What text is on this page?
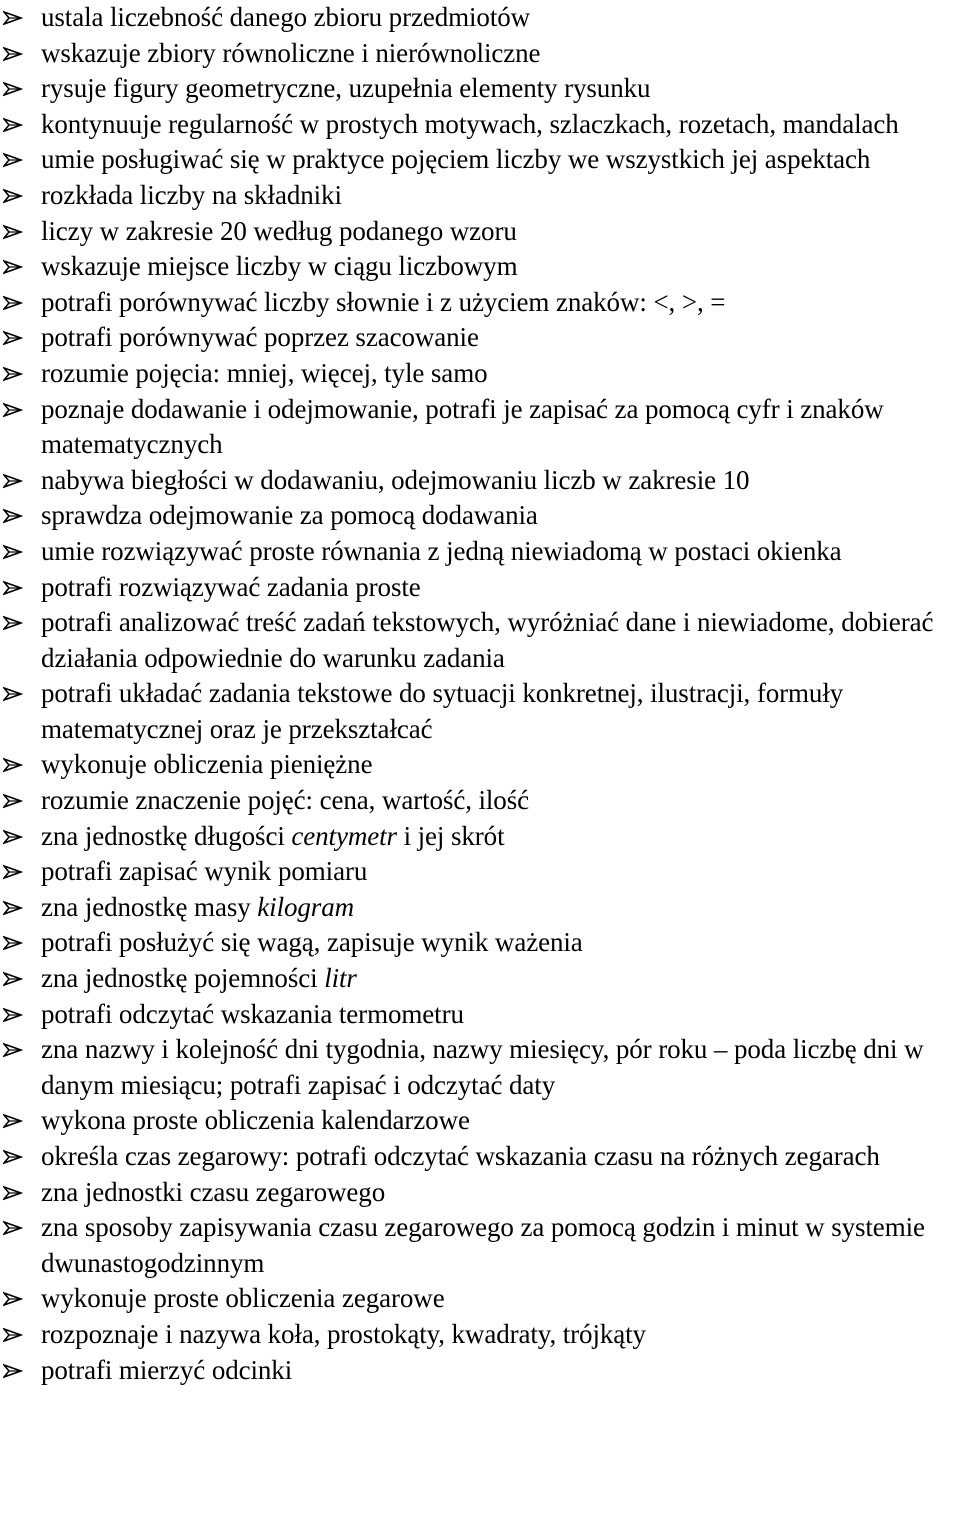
ustala liczebność danego zbioru przedmiotów
wskazuje zbiory równoliczne i nierównoliczne
rysuje figury geometryczne, uzupełnia elementy rysunku
kontynuuje regularność w prostych motywach, szlaczkach, rozetach, mandalach
umie posługiwać się w praktyce pojęciem liczby we wszystkich jej aspektach
rozkłada liczby na składniki
liczy w zakresie 20 według podanego wzoru
wskazuje miejsce liczby w ciągu liczbowym
potrafi porównywać liczby słownie i z użyciem znaków: <, >, =
potrafi porównywać poprzez szacowanie
rozumie pojęcia: mniej, więcej, tyle samo
poznaje dodawanie i odejmowanie, potrafi je zapisać za pomocą cyfr i znaków matematycznych
nabywa biegłości w dodawaniu, odejmowaniu liczb w zakresie 10
sprawdza odejmowanie za pomocą dodawania
umie rozwiązywać proste równania z jedną niewiadomą w postaci okienka
potrafi rozwiązywać zadania proste
potrafi analizować treść zadań tekstowych, wyróżniać dane i niewiadome, dobierać działania odpowiednie do warunku zadania
potrafi układać zadania tekstowe do sytuacji konkretnej, ilustracji, formuły matematycznej oraz je przekształcać
wykonuje obliczenia pieniężne
rozumie znaczenie pojęć: cena, wartość, ilość
zna jednostkę długości centymetr i jej skrót
potrafi zapisać wynik pomiaru
zna jednostkę masy kilogram
potrafi posłużyć się wagą, zapisuje wynik ważenia
zna jednostkę pojemności litr
potrafi odczytać wskazania termometru
zna nazwy i kolejność dni tygodnia, nazwy miesięcy, pór roku – poda liczbę dni w danym miesiącu; potrafi zapisać i odczytać daty
wykona proste obliczenia kalendarzowe
określa czas zegarowy: potrafi odczytać wskazania czasu na różnych zegarach
zna jednostki czasu zegarowego
zna sposoby zapisywania czasu zegarowego za pomocą godzin i minut w systemie dwunastogodzinnym
wykonuje proste obliczenia zegarowe
rozpoznaje i nazywa koła, prostokąty, kwadraty, trójkąty
potrafi mierzyć odcinki
